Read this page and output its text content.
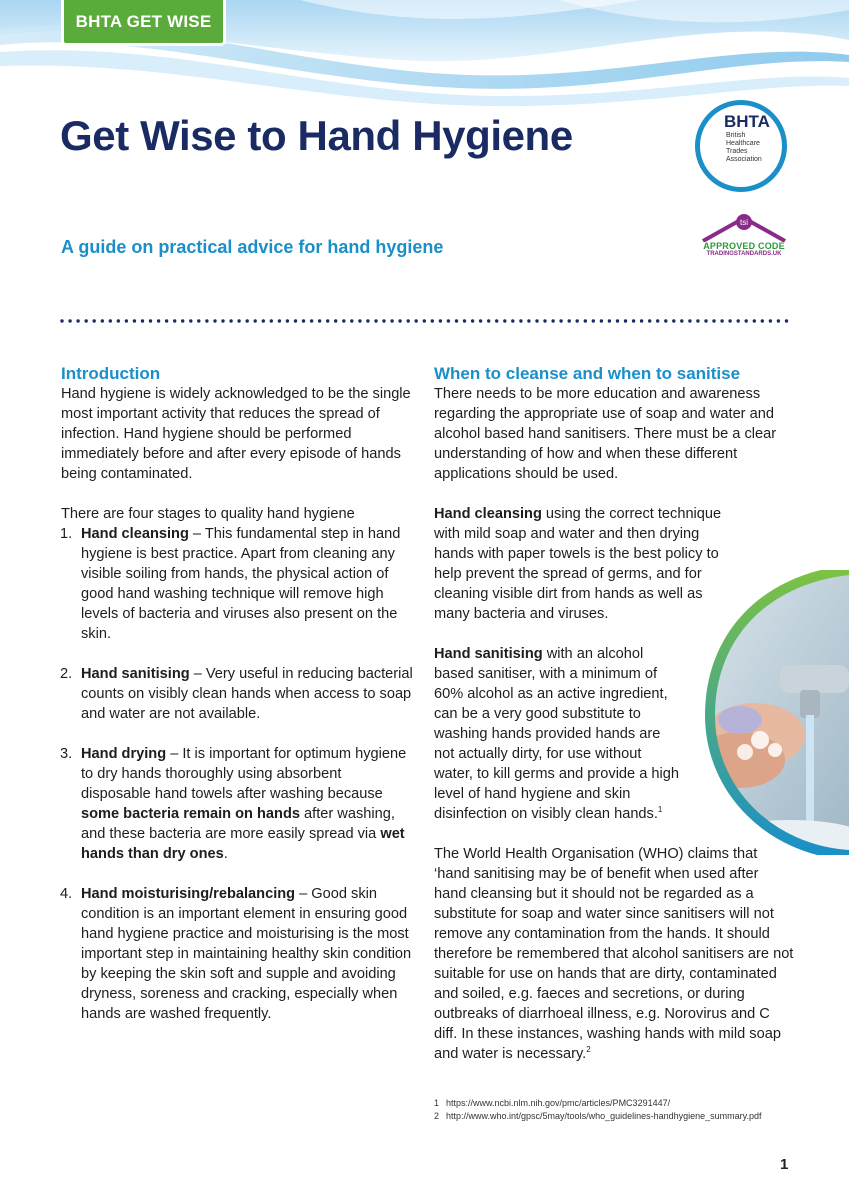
BHTA GET WISE
Get Wise to Hand Hygiene
A guide on practical advice for hand hygiene
BHTA
British Healthcare Trades Association
tsi
APPROVED CODE
TRADINGSTANDARDS.UK
Introduction

Hand hygiene is widely acknowledged to be the single most important activity that reduces the spread of infection. Hand hygiene should be performed immediately before and after every episode of hands being contaminated.

There are four stages to quality hand hygiene

1. Hand cleansing – This fundamental step in hand hygiene is best practice. Apart from cleaning any visible soiling from hands, the physical action of good hand washing technique will remove high levels of bacteria and viruses also present on the skin.
2. Hand sanitising – Very useful in reducing bacterial counts on visibly clean hands when access to soap and water are not available.
3. Hand drying – It is important for optimum hygiene to dry hands thoroughly using absorbent disposable hand towels after washing because some bacteria remain on hands after washing, and these bacteria are more easily spread via wet hands than dry ones.
4. Hand moisturising/rebalancing – Good skin condition is an important element in ensuring good hand hygiene practice and moisturising is the most important step in maintaining healthy skin condition by keeping the skin soft and supple and avoiding dryness, soreness and cracking, especially when hands are washed frequently.
When to cleanse and when to sanitise

There needs to be more education and awareness regarding the appropriate use of soap and water and alcohol based hand sanitisers. There must be a clear understanding of how and when these different applications should be used.

Hand cleansing using the correct technique with mild soap and water and then drying hands with paper towels is the best policy to help prevent the spread of germs, and for cleaning visible dirt from hands as well as many bacteria and viruses.

Hand sanitising with an alcohol based sanitiser, with a minimum of 60% alcohol as an active ingredient, can be a very good substitute to washing hands provided hands are not actually dirty, for use without water, to kill germs and provide a high level of hand hygiene and skin disinfection on visibly clean hands.$^1$

The World Health Organisation (WHO) claims that ‘hand sanitising may be of benefit when used after hand cleansing but it should not be regarded as a substitute for soap and water since sanitisers will not remove any contamination from the hands. It should therefore be remembered that alcohol sanitisers are not suitable for use on hands that are dirty, contaminated and soiled, e.g. faeces and secretions, or during outbreaks of diarrhoeal illness, e.g. Norovirus and C diff. In these instances, washing hands with mild soap and water is necessary.$^2$

1 https://www.ncbi.nlm.nih.gov/pmc/articles/PMC3291447/
2 http://www.who.int/gpsc/5may/tools/who_guidelines-handhygiene_summary.pdf
1
